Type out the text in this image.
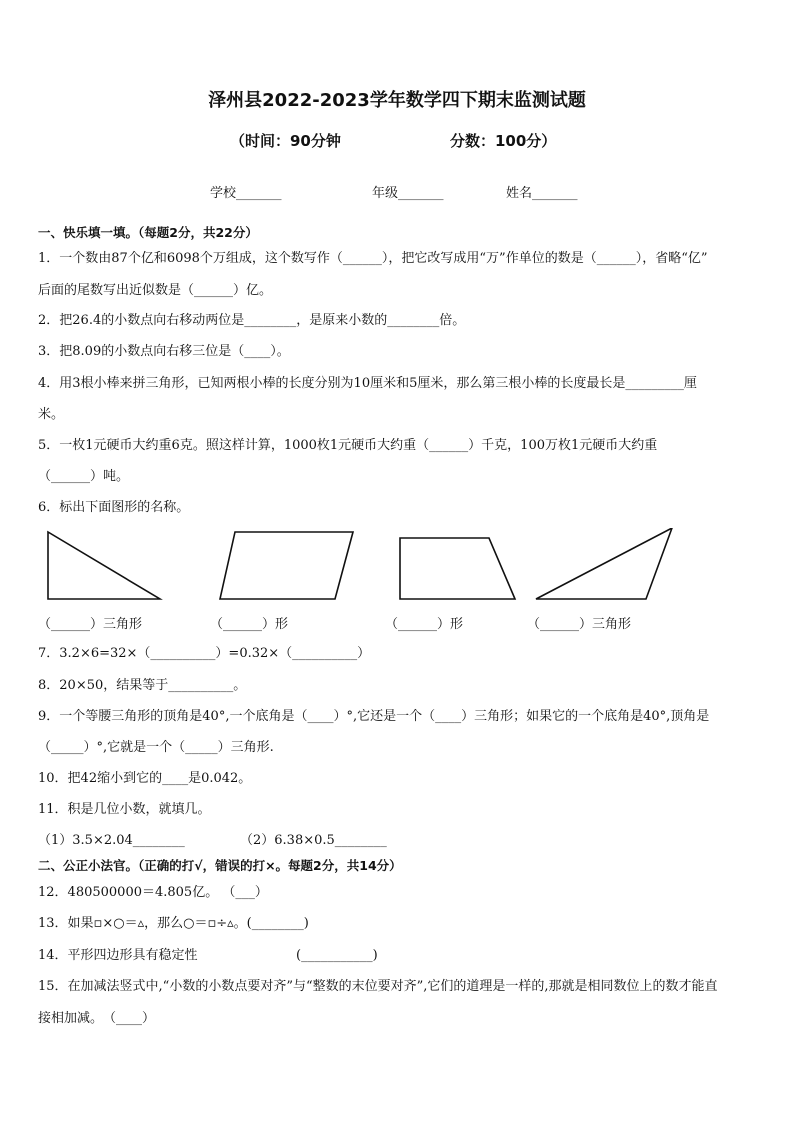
泽州县2022-2023学年数学四下期末监测试题
（时间：90分钟	分数：100分）
学校_______	年级_______	姓名_______
一、快乐填一填。（每题2分，共22分）
1．一个数由87个亿和6098个万组成，这个数写作（______），把它改写成用“万”作单位的数是（______），省略“亿”
后面的尾数写出近似数是（______）亿。
2．把26.4的小数点向右移动两位是________，是原来小数的________倍。
3．把8.09的小数点向右移三位是（____）。
4．用3根小棒来拼三角形，已知两根小棒的长度分别为10厘米和5厘米，那么第三根小棒的长度最长是_________厘
米。
5．一枚1元硬币大约重6克。照这样计算，1000枚1元硬币大约重（______）千克，100万枚1元硬币大约重
（______）吨。
6．标出下面图形的名称。
（______）三角形	（______）形	（______）形	（______）三角形
7．3.2×6=32×（__________）=0.32×（__________）
8．20×50，结果等于__________。
9．一个等腰三角形的顶角是40°,一个底角是（____）°,它还是一个（____）三角形；如果它的一个底角是40°,顶角是
（_____）°,它就是一个（_____）三角形.
10．把42缩小到它的____是0.042。
11．积是几位小数，就填几。
（1）3.5×2.04________	（2）6.38×0.5________
二、公正小法官。（正确的打√，错误的打×。每题2分，共14分）
12．480500000＝4.805亿。 （___）
13．如果▫×○＝▵，那么○＝▫÷▵。(________)
14．平形四边形具有稳定性	(___________)
15．在加减法竖式中,“小数的小数点要对齐”与“整数的末位要对齐”,它们的道理是一样的,那就是相同数位上的数才能直
接相加减。　（____）
